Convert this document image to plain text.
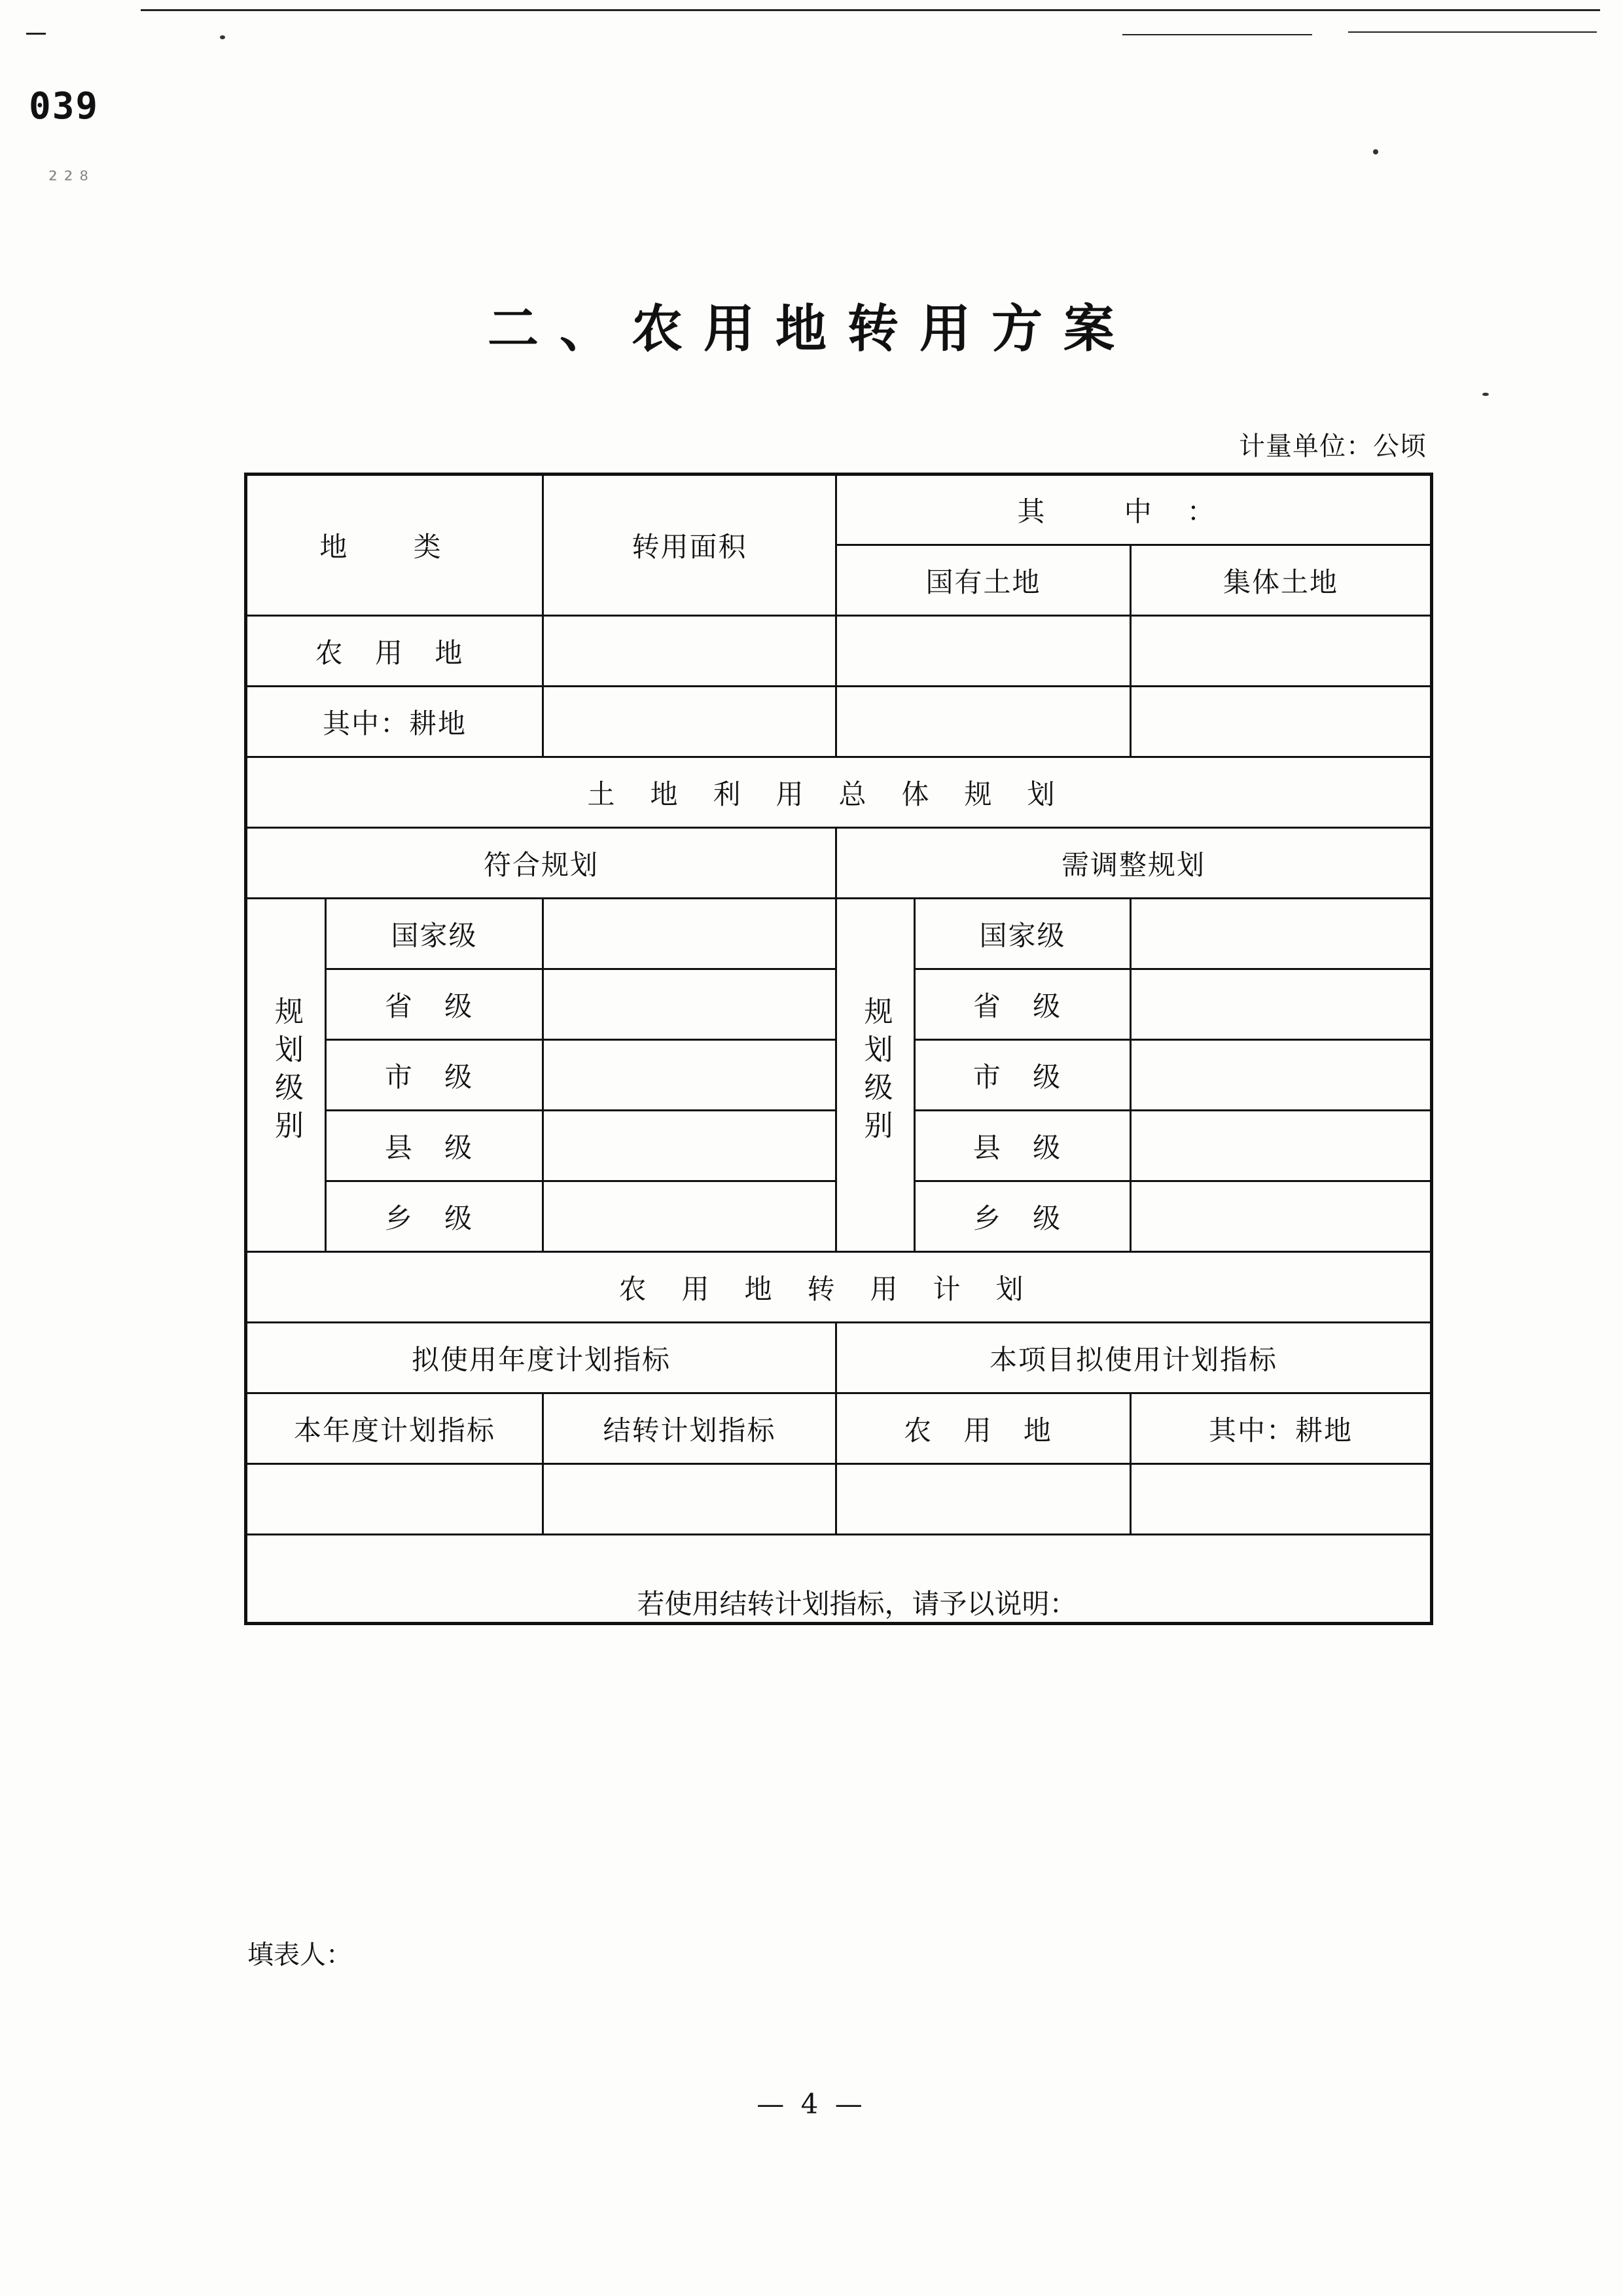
039
²²⁸
二、农用地转用方案
计量单位：公顷
地 类		转用面积	其 中：		
			国有土地		集体土地
农 用 地					
其中：耕地					
土地利用总体规划					
符合规划			需调整规划		
规划级别	国家级		规划级别	国家级	
	省 级			省 级	
	市 级			市 级	
	县 级			县 级	
	乡 级			乡 级	
农用地转用计划					
拟使用年度计划指标			本项目拟使用计划指标		
本年度计划指标		结转计划指标	农 用 地		其中：耕地

若使用结转计划指标，请予以说明：					
填表人：
— 4 —
